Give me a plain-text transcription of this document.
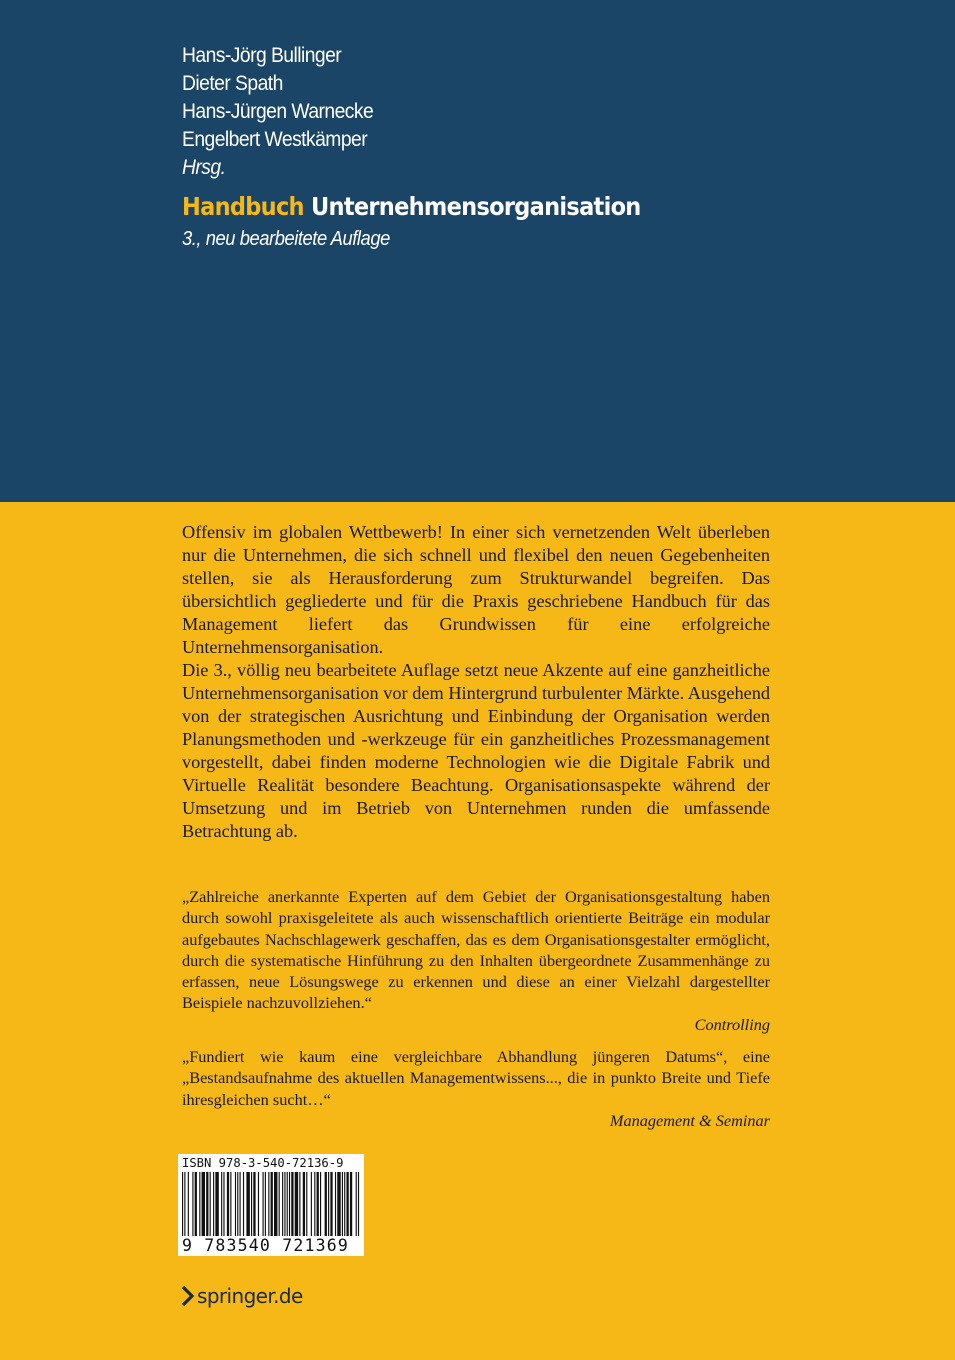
Hans-Jörg Bullinger
Dieter Spath
Hans-Jürgen Warnecke
Engelbert Westkämper
Hrsg.
Handbuch Unternehmensorganisation
3., neu bearbeitete Auflage

Offensiv im globalen Wettbewerb! In einer sich vernetzenden Welt überleben nur die Unternehmen, die sich schnell und flexibel den neuen Gegebenheiten stellen, sie als Herausforderung zum Strukturwandel begreifen. Das übersichtlich gegliederte und für die Praxis geschriebene Handbuch für das Management liefert das Grundwissen für eine erfolgreiche Unternehmensorganisation.

Die 3., völlig neu bearbeitete Auflage setzt neue Akzente auf eine ganzheitliche Unternehmensorganisation vor dem Hintergrund turbulenter Märkte. Ausgehend von der strategischen Ausrichtung und Einbindung der Organisation werden Planungsmethoden und -werkzeuge für ein ganzheitliches Prozessmanagement vorgestellt, dabei finden moderne Technologien wie die Digitale Fabrik und Virtuelle Realität besondere Beachtung. Organisationsaspekte während der Umsetzung und im Betrieb von Unternehmen runden die umfassende Betrachtung ab.

„Zahlreiche anerkannte Experten auf dem Gebiet der Organisationsgestaltung haben durch sowohl praxisgeleitete als auch wissenschaftlich orientierte Beiträge ein modular aufgebautes Nachschlagewerk geschaffen, das es dem Organisationsgestalter ermöglicht, durch die systematische Hinführung zu den Inhalten übergeordnete Zusammenhänge zu erfassen, neue Lösungswege zu erkennen und diese an einer Vielzahl dargestellter Beispiele nachzuvollziehen.“

Controlling

„Fundiert wie kaum eine vergleichbare Abhandlung jüngeren Datums“, eine „Bestandsaufnahme des aktuellen Managementwissens..., die in punkto Breite und Tiefe ihresgleichen sucht…“

Management & Seminar
ISBN 978-3-540-72136-9
9 783540 721369
springer.de
